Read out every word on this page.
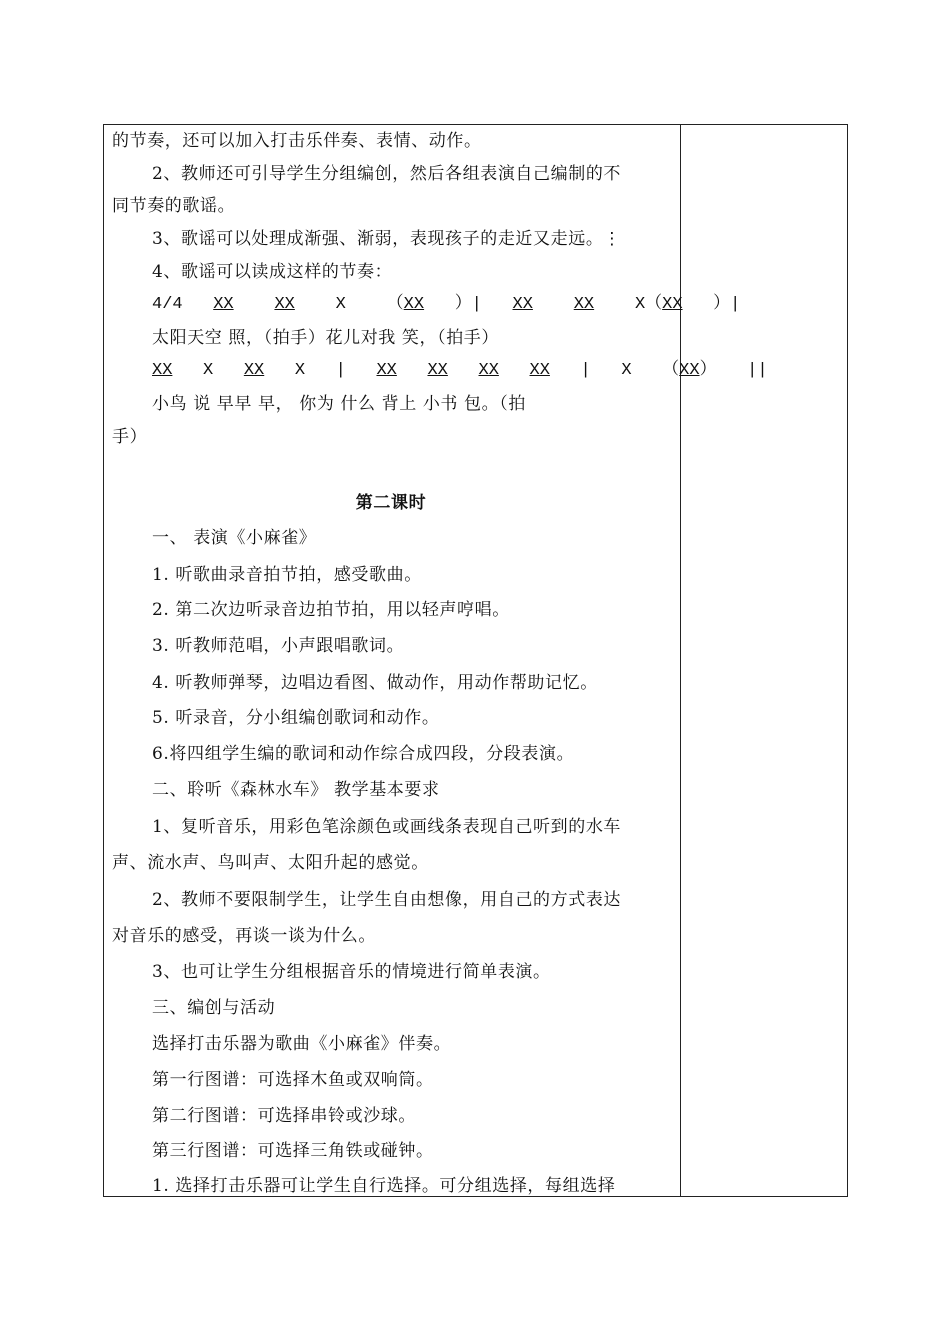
的节奏，还可以加入打击乐伴奏、表情、动作。
2、教师还可引导学生分组编创，然后各组表演自己编制的不
同节奏的歌谣。
3、歌谣可以处理成渐强、渐弱，表现孩子的走近又走远。⋮
4、歌谣可以读成这样的节奏：
4/4 XX XX X （XX ）| XX XX X（XX ）|
太阳天空 照，（拍手）花儿对我 笑，（拍手）
XX X XX X | XX XX XX XX | X （XX） ||
小鸟 说 早早 早， 你为 什么 背上 小书 包。（拍
手）
第二课时
一、 表演《小麻雀》
1. 听歌曲录音拍节拍，感受歌曲。
2. 第二次边听录音边拍节拍，用以轻声哼唱。
3. 听教师范唱，小声跟唱歌词。
4. 听教师弹琴，边唱边看图、做动作，用动作帮助记忆。
5. 听录音，分小组编创歌词和动作。
6.将四组学生编的歌词和动作综合成四段，分段表演。
二、聆听《森林水车》 教学基本要求
1、复听音乐，用彩色笔涂颜色或画线条表现自己听到的水车
声、流水声、鸟叫声、太阳升起的感觉。
2、教师不要限制学生，让学生自由想像，用自己的方式表达
对音乐的感受，再谈一谈为什么。
3、也可让学生分组根据音乐的情境进行简单表演。
三、编创与活动
选择打击乐器为歌曲《小麻雀》伴奏。
第一行图谱：可选择木鱼或双响筒。
第二行图谱：可选择串铃或沙球。
第三行图谱：可选择三角铁或碰钟。
1. 选择打击乐器可让学生自行选择。可分组选择，每组选择
